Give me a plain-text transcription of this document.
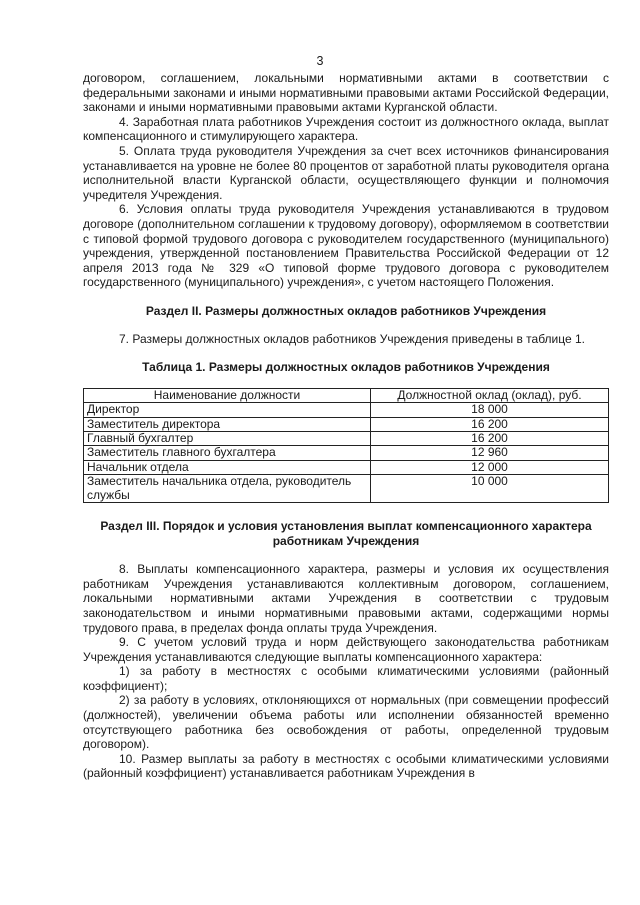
3

договором, соглашением, локальными нормативными актами в соответствии с федеральными законами и иными нормативными правовыми актами Российской Федерации, законами и иными нормативными правовыми актами Курганской области.

4. Заработная плата работников Учреждения состоит из должностного оклада, выплат компенсационного и стимулирующего характера.

5. Оплата труда руководителя Учреждения за счет всех источников финансирования устанавливается на уровне не более 80 процентов от заработной платы руководителя органа исполнительной власти Курганской области, осуществляющего функции и полномочия учредителя Учреждения.

6. Условия оплаты труда руководителя Учреждения устанавливаются в трудовом договоре (дополнительном соглашении к трудовому договору), оформляемом в соответствии с типовой формой трудового договора с руководителем государственного (муниципального) учреждения, утвержденной постановлением Правительства Российской Федерации от 12 апреля 2013 года № 329 «О типовой форме трудового договора с руководителем государственного (муниципального) учреждения», с учетом настоящего Положения.

Раздел II. Размеры должностных окладов работников Учреждения

7. Размеры должностных окладов работников Учреждения приведены в таблице 1.

Таблица 1. Размеры должностных окладов работников Учреждения
Наименование должности	Должностной оклад (оклад), руб.
Директор	18 000
Заместитель директора	16 200
Главный бухгалтер	16 200
Заместитель главного бухгалтера	12 960
Начальник отдела	12 000
Заместитель начальника отдела, руководитель службы	10 000
Раздел III. Порядок и условия установления выплат компенсационного характера работникам Учреждения

8. Выплаты компенсационного характера, размеры и условия их осуществления работникам Учреждения устанавливаются коллективным договором, соглашением, локальными нормативными актами Учреждения в соответствии с трудовым законодательством и иными нормативными правовыми актами, содержащими нормы трудового права, в пределах фонда оплаты труда Учреждения.

9. С учетом условий труда и норм действующего законодательства работникам Учреждения устанавливаются следующие выплаты компенсационного характера:

1) за работу в местностях с особыми климатическими условиями (районный коэффициент);

2) за работу в условиях, отклоняющихся от нормальных (при совмещении профессий (должностей), увеличении объема работы или исполнении обязанностей временно отсутствующего работника без освобождения от работы, определенной трудовым договором).

10. Размер выплаты за работу в местностях с особыми климатическими условиями (районный коэффициент) устанавливается работникам Учреждения в
